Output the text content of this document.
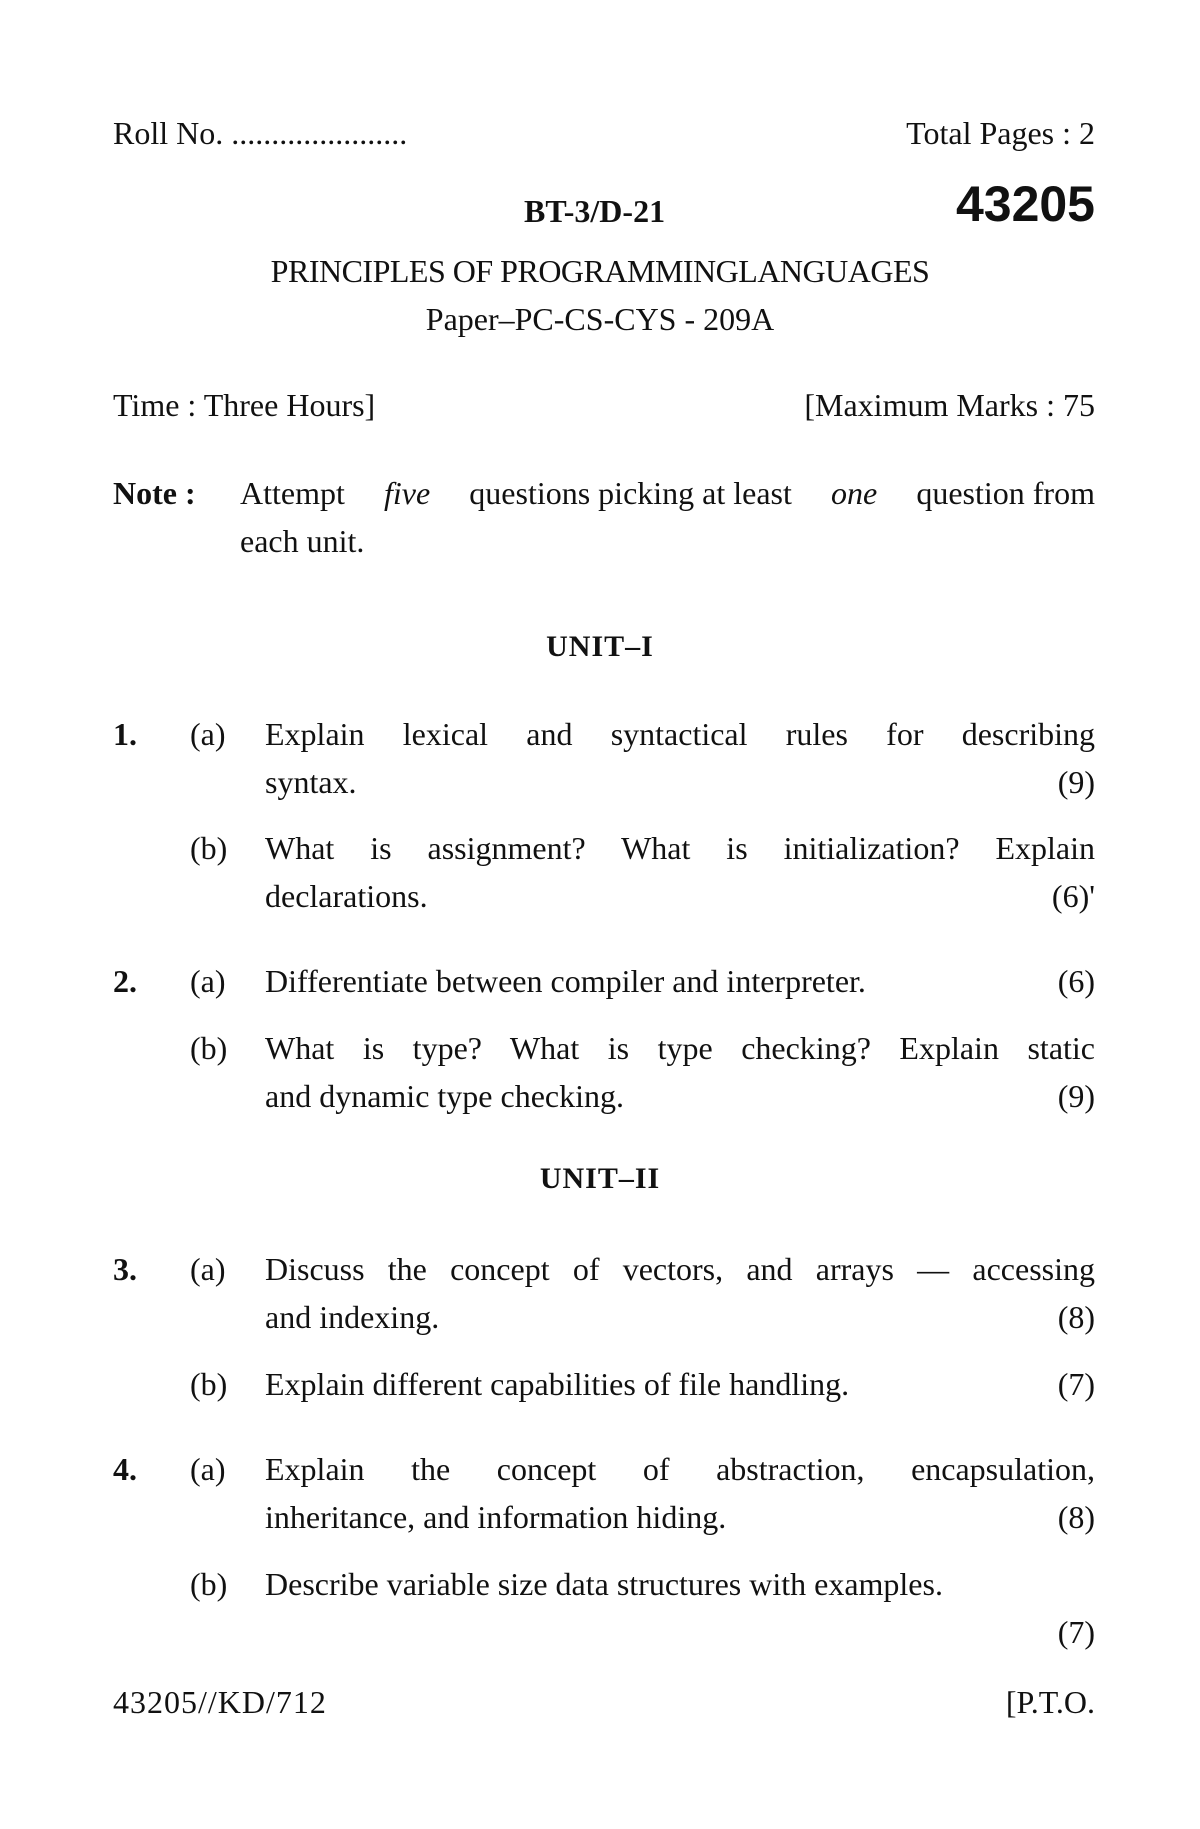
Roll No. ......................	Total Pages : 2
BT-3/D-21	43205
PRINCIPLES OF PROGRAMMINGLANGUAGES
Paper–PC-CS-CYS - 209A
Time : Three Hours]	[Maximum Marks : 75
Note : Attempt five questions picking at least one question from
each unit.
UNIT–I
1. (a) Explain lexical and syntactical rules for describing
syntax.	(9)
(b) What is assignment? What is initialization? Explain
declarations.	(6)'
2. (a) Differentiate between compiler and interpreter.	(6)
(b) What is type? What is type checking? Explain static
and dynamic type checking.	(9)
UNIT–II
3. (a) Discuss the concept of vectors, and arrays — accessing
and indexing.	(8)
(b) Explain different capabilities of file handling.	(7)
4. (a) Explain the concept of abstraction, encapsulation,
inheritance, and information hiding.	(8)
(b) Describe variable size data structures with examples.
(7)
43205//KD/712	[P.T.O.
